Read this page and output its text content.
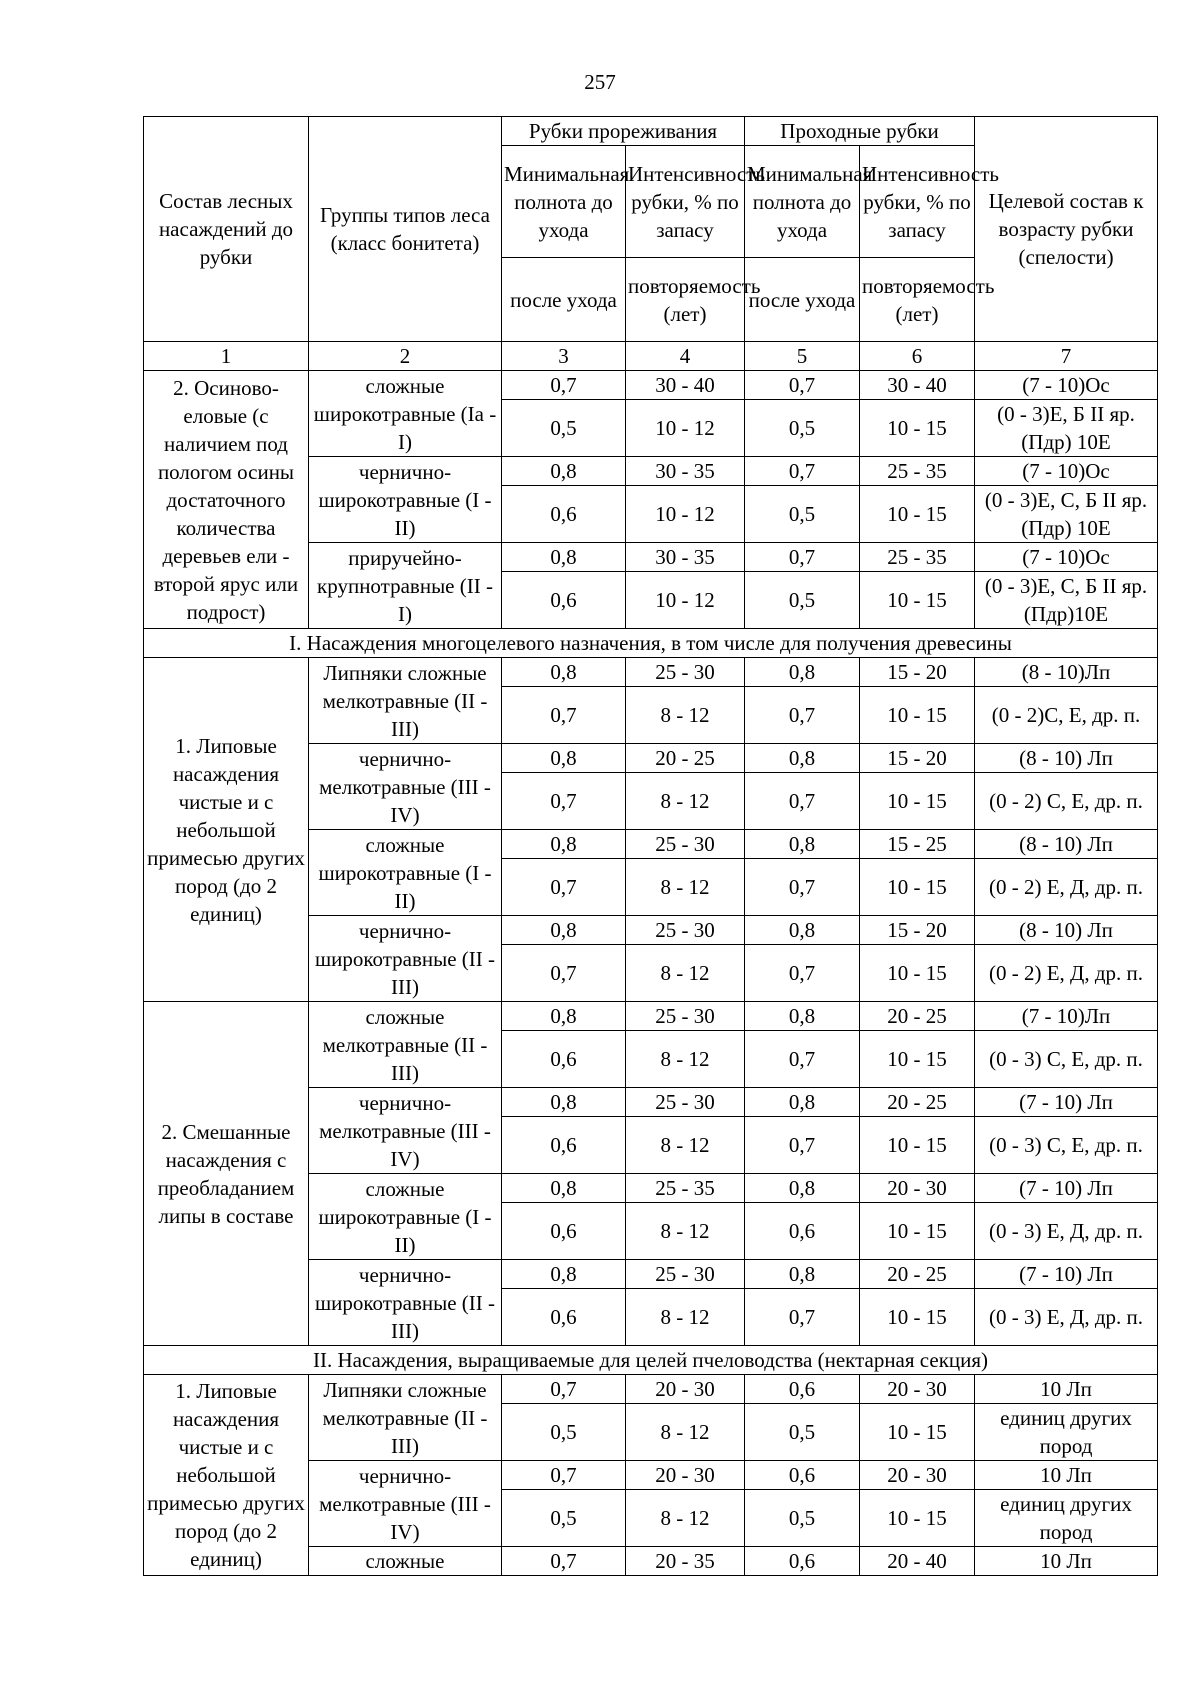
257
Состав лесных насаждений до рубки	Группы типов леса (класс бонитета)	Рубки прореживания		Проходные рубки		Целевой состав к возрасту рубки (спелости)
		Минимальная полнота до ухода	Интенсивность рубки, % по запасу	Минимальная полнота до ухода	Интенсивность рубки, % по запасу	
		после ухода	повторяемость (лет)	после ухода	повторяемость (лет)	
1	2	3	4	5	6	7
2. Осиново-еловые (с наличием под пологом осины достаточного количества деревьев ели - второй ярус или подрост)	сложные широкотравные (Ia - I)	0,7	30 - 40	0,7	30 - 40	(7 - 10)Ос
		0,5	10 - 12	0,5	10 - 15	(0 - 3)Е, Б II яр. (Пдр) 10Е
	чернично-широкотравные (I - II)	0,8	30 - 35	0,7	25 - 35	(7 - 10)Ос
		0,6	10 - 12	0,5	10 - 15	(0 - 3)Е, С, Б II яр. (Пдр) 10Е
	приручейно-крупнотравные (II - I)	0,8	30 - 35	0,7	25 - 35	(7 - 10)Ос
		0,6	10 - 12	0,5	10 - 15	(0 - 3)Е, С, Б II яр.(Пдр)10Е
I. Насаждения многоцелевого назначения, в том числе для получения древесины						
1. Липовые насаждения чистые и с небольшой примесью других пород (до 2 единиц)	Липняки сложные мелкотравные (II - III)	0,8	25 - 30	0,8	15 - 20	(8 - 10)Лп
		0,7	8 - 12	0,7	10 - 15	(0 - 2)С, Е, др. п.
	чернично-мелкотравные (III - IV)	0,8	20 - 25	0,8	15 - 20	(8 - 10) Лп
		0,7	8 - 12	0,7	10 - 15	(0 - 2) С, Е, др. п.
	сложные широкотравные (I - II)	0,8	25 - 30	0,8	15 - 25	(8 - 10) Лп
		0,7	8 - 12	0,7	10 - 15	(0 - 2) Е, Д, др. п.
	чернично-широкотравные (II - III)	0,8	25 - 30	0,8	15 - 20	(8 - 10) Лп
		0,7	8 - 12	0,7	10 - 15	(0 - 2) Е, Д, др. п.
2. Смешанные насаждения с преобладанием липы в составе	сложные мелкотравные (II - III)	0,8	25 - 30	0,8	20 - 25	(7 - 10)Лп
		0,6	8 - 12	0,7	10 - 15	(0 - 3) С, Е, др. п.
	чернично-мелкотравные (III - IV)	0,8	25 - 30	0,8	20 - 25	(7 - 10) Лп
		0,6	8 - 12	0,7	10 - 15	(0 - 3) С, Е, др. п.
	сложные широкотравные (I - II)	0,8	25 - 35	0,8	20 - 30	(7 - 10) Лп
		0,6	8 - 12	0,6	10 - 15	(0 - 3) Е, Д, др. п.
	чернично-широкотравные (II - III)	0,8	25 - 30	0,8	20 - 25	(7 - 10) Лп
		0,6	8 - 12	0,7	10 - 15	(0 - 3) Е, Д, др. п.
II. Насаждения, выращиваемые для целей пчеловодства (нектарная секция)						
1. Липовые насаждения чистые и с небольшой примесью других пород (до 2 единиц)	Липняки сложные мелкотравные (II - III)	0,7	20 - 30	0,6	20 - 30	10 Лп
		0,5	8 - 12	0,5	10 - 15	единиц других пород
	чернично-мелкотравные (III - IV)	0,7	20 - 30	0,6	20 - 30	10 Лп
		0,5	8 - 12	0,5	10 - 15	единиц других пород
	сложные	0,7	20 - 35	0,6	20 - 40	10 Лп
